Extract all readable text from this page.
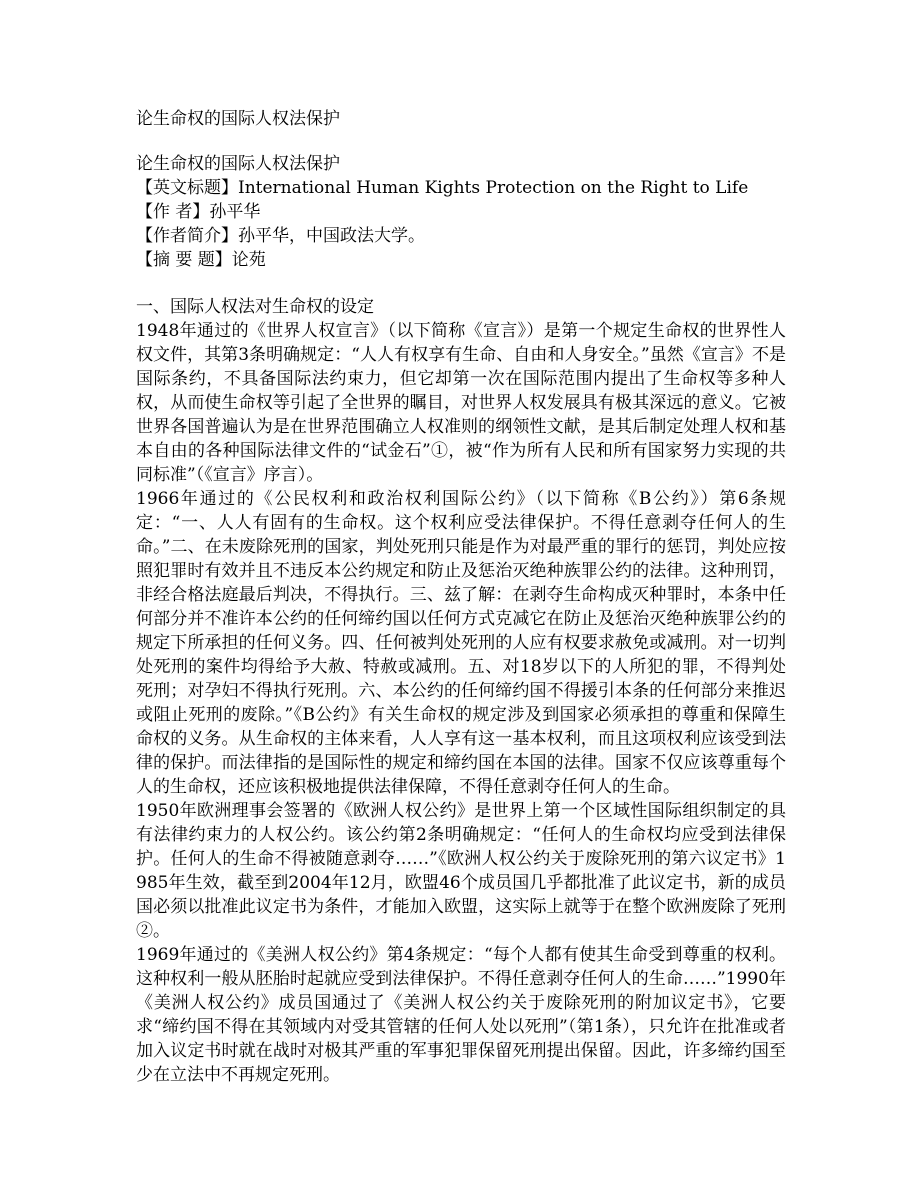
论生命权的国际人权法保护
论生命权的国际人权法保护
【英文标题】International Human Kights Protection on the Right to Life
【作 者】孙平华
【作者简介】孙平华，中国政法大学。
【摘 要 题】论苑
一、国际人权法对生命权的设定

1948年通过的《世界人权宣言》（以下简称《宣言》）是第一个规定生命权的世界性人权文件，其第3条明确规定：“人人有权享有生命、自由和人身安全。”虽然《宣言》不是国际条约，不具备国际法约束力，但它却第一次在国际范围内提出了生命权等多种人权，从而使生命权等引起了全世界的瞩目，对世界人权发展具有极其深远的意义。它被世界各国普遍认为是在世界范围确立人权准则的纲领性文献，是其后制定处理人权和基本自由的各种国际法律文件的“试金石”①，被“作为所有人民和所有国家努力实现的共同标准”（《宣言》序言）。

1966年通过的《公民权利和政治权利国际公约》（以下简称《B公约》）第6条规定：“一、人人有固有的生命权。这个权利应受法律保护。不得任意剥夺任何人的生命。”二、在未废除死刑的国家，判处死刑只能是作为对最严重的罪行的惩罚，判处应按照犯罪时有效并且不违反本公约规定和防止及惩治灭绝种族罪公约的法律。这种刑罚，非经合格法庭最后判决，不得执行。三、兹了解：在剥夺生命构成灭种罪时，本条中任何部分并不准许本公约的任何缔约国以任何方式克减它在防止及惩治灭绝种族罪公约的规定下所承担的任何义务。四、任何被判处死刑的人应有权要求赦免或减刑。对一切判处死刑的案件均得给予大赦、特赦或减刑。五、对18岁以下的人所犯的罪，不得判处死刑；对孕妇不得执行死刑。六、本公约的任何缔约国不得援引本条的任何部分来推迟或阻止死刑的废除。”《B公约》有关生命权的规定涉及到国家必须承担的尊重和保障生命权的义务。从生命权的主体来看，人人享有这一基本权利，而且这项权利应该受到法律的保护。而法律指的是国际性的规定和缔约国在本国的法律。国家不仅应该尊重每个人的生命权，还应该积极地提供法律保障，不得任意剥夺任何人的生命。

1950年欧洲理事会签署的《欧洲人权公约》是世界上第一个区域性国际组织制定的具有法律约束力的人权公约。该公约第2条明确规定：“任何人的生命权均应受到法律保护。任何人的生命不得被随意剥夺……”《欧洲人权公约关于废除死刑的第六议定书》1985年生效，截至到2004年12月，欧盟46个成员国几乎都批准了此议定书，新的成员国必须以批准此议定书为条件，才能加入欧盟，这实际上就等于在整个欧洲废除了死刑②。

1969年通过的《美洲人权公约》第4条规定：“每个人都有使其生命受到尊重的权利。这种权利一般从胚胎时起就应受到法律保护。不得任意剥夺任何人的生命……”1990年《美洲人权公约》成员国通过了《美洲人权公约关于废除死刑的附加议定书》，它要求“缔约国不得在其领域内对受其管辖的任何人处以死刑”（第1条），只允许在批准或者加入议定书时就在战时对极其严重的军事犯罪保留死刑提出保留。因此，许多缔约国至少在立法中不再规定死刑。
